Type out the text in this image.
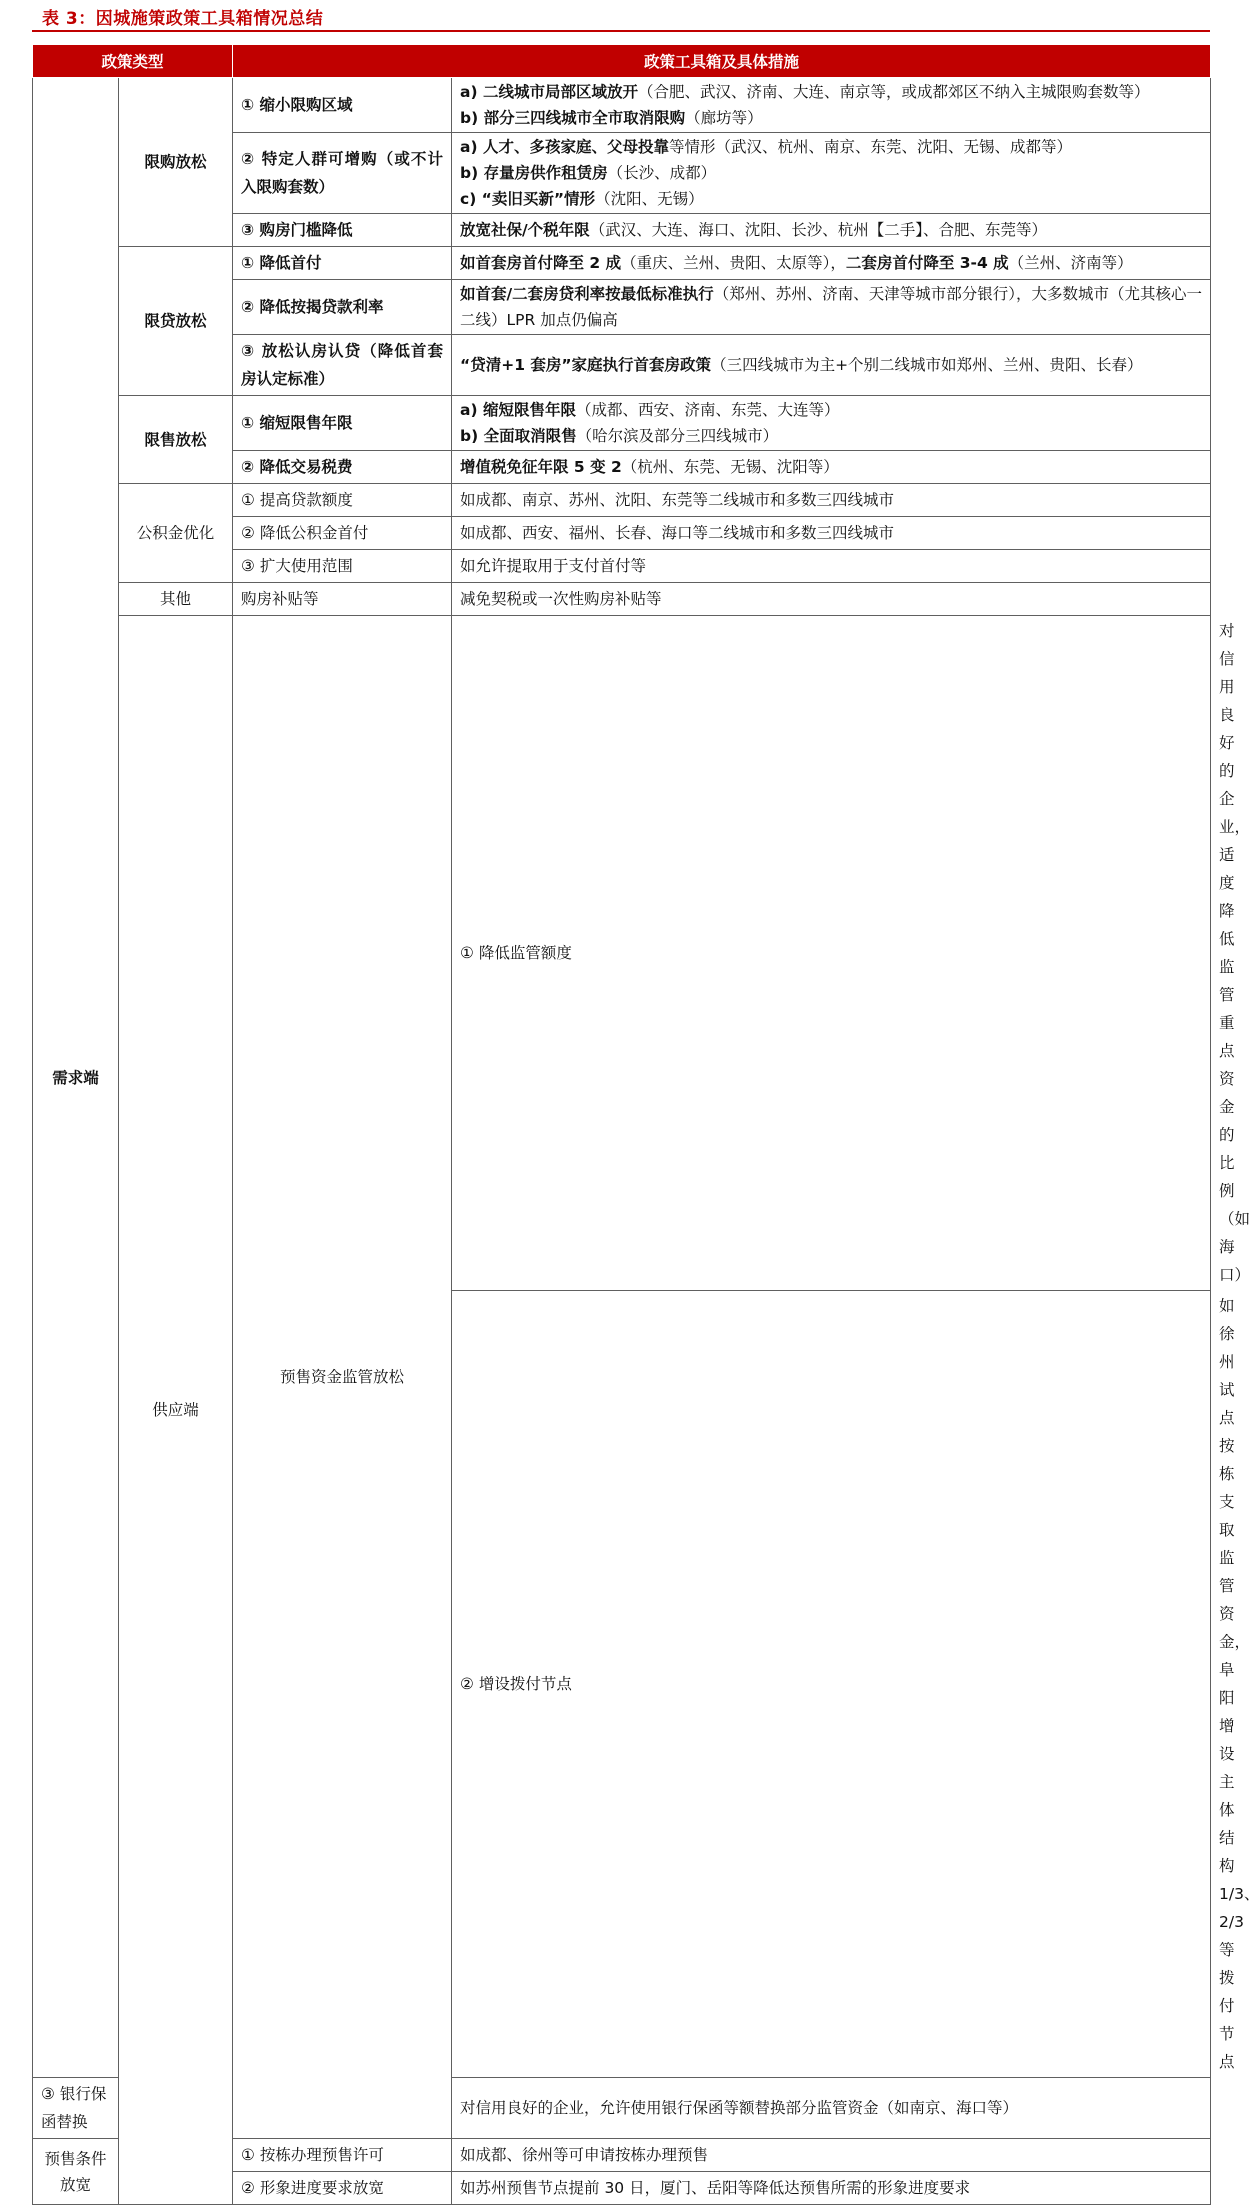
表 3：因城施策政策工具箱情况总结
政策类型		政策工具箱及具体措施		
需求端	限购放松	① 缩小限购区域	a) 二线城市局部区域放开（合肥、武汉、济南、大连、南京等，或成都郊区不纳入主城限购套数等）
b) 部分三四线城市全市取消限购（廊坊等）	

		② 特定人群可增购（或不计入限购套数）	a) 人才、多孩家庭、父母投靠等情形（武汉、杭州、南京、东莞、沈阳、无锡、成都等）
b) 存量房供作租赁房（长沙、成都）
c) “卖旧买新”情形（沈阳、无锡）	

		③ 购房门槛降低	放宽社保/个税年限（武汉、大连、海口、沈阳、长沙、杭州【二手】、合肥、东莞等）	
	限贷放松	① 降低首付	如首套房首付降至 2 成（重庆、兰州、贵阳、太原等），二套房首付降至 3-4 成（兰州、济南等）	
		② 降低按揭贷款利率	如首套/二套房贷利率按最低标准执行（郑州、苏州、济南、天津等城市部分银行），大多数城市（尤其核心一二线）LPR 加点仍偏高	
		③ 放松认房认贷（降低首套房认定标准）	“贷清+1 套房”家庭执行首套房政策（三四线城市为主+个别二线城市如郑州、兰州、贵阳、长春）	
	限售放松	① 缩短限售年限	a) 缩短限售年限（成都、西安、济南、东莞、大连等）
b) 全面取消限售（哈尔滨及部分三四线城市）	

		② 降低交易税费	增值税免征年限 5 变 2（杭州、东莞、无锡、沈阳等）	
	公积金优化	① 提高贷款额度	如成都、南京、苏州、沈阳、东莞等二线城市和多数三四线城市	
		② 降低公积金首付	如成都、西安、福州、长春、海口等二线城市和多数三四线城市	
		③ 扩大使用范围	如允许提取用于支付首付等	
	其他	购房补贴等	减免契税或一次性购房补贴等	
	供应端	预售资金监管放松	① 降低监管额度	对信用良好的企业，适度降低监管重点资金的比例（如海口）
			② 增设拨付节点	如徐州试点按栋支取监管资金，阜阳增设主体结构 1/3、2/3 等拨付节点
③ 银行保函替换			对信用良好的企业，允许使用银行保函等额替换部分监管资金（如南京、海口等）	
预售条件放宽		① 按栋办理预售许可	如成都、徐州等可申请按栋办理预售	
		② 形象进度要求放宽	如苏州预售节点提前 30 日，厦门、岳阳等降低达预售所需的形象进度要求	
